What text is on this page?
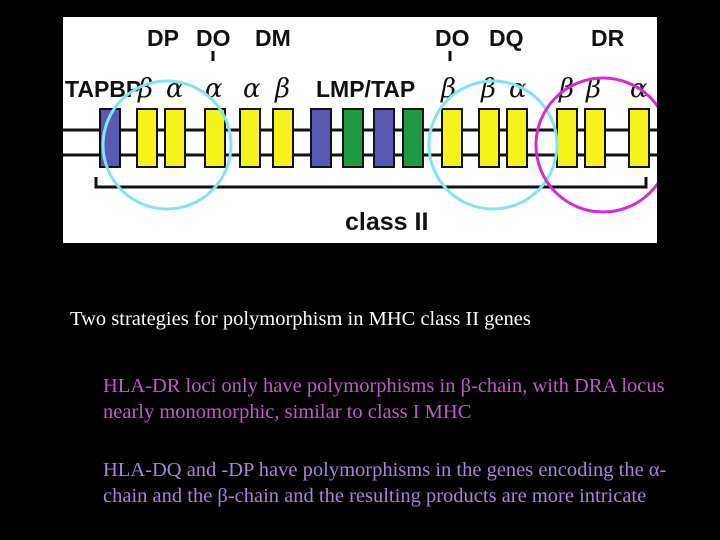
DP DO DM	DO DQ	DR
TAPBP	LMP/TAP
class II
β α α α β	β β α β β α
Two strategies for polymorphism in MHC class II genes
HLA-DR loci only have polymorphisms in β-chain, with DRA locus nearly monomorphic, similar to class I MHC
HLA-DQ and -DP have polymorphisms in the genes encoding the α-chain and the β-chain and the resulting products are more intricate
